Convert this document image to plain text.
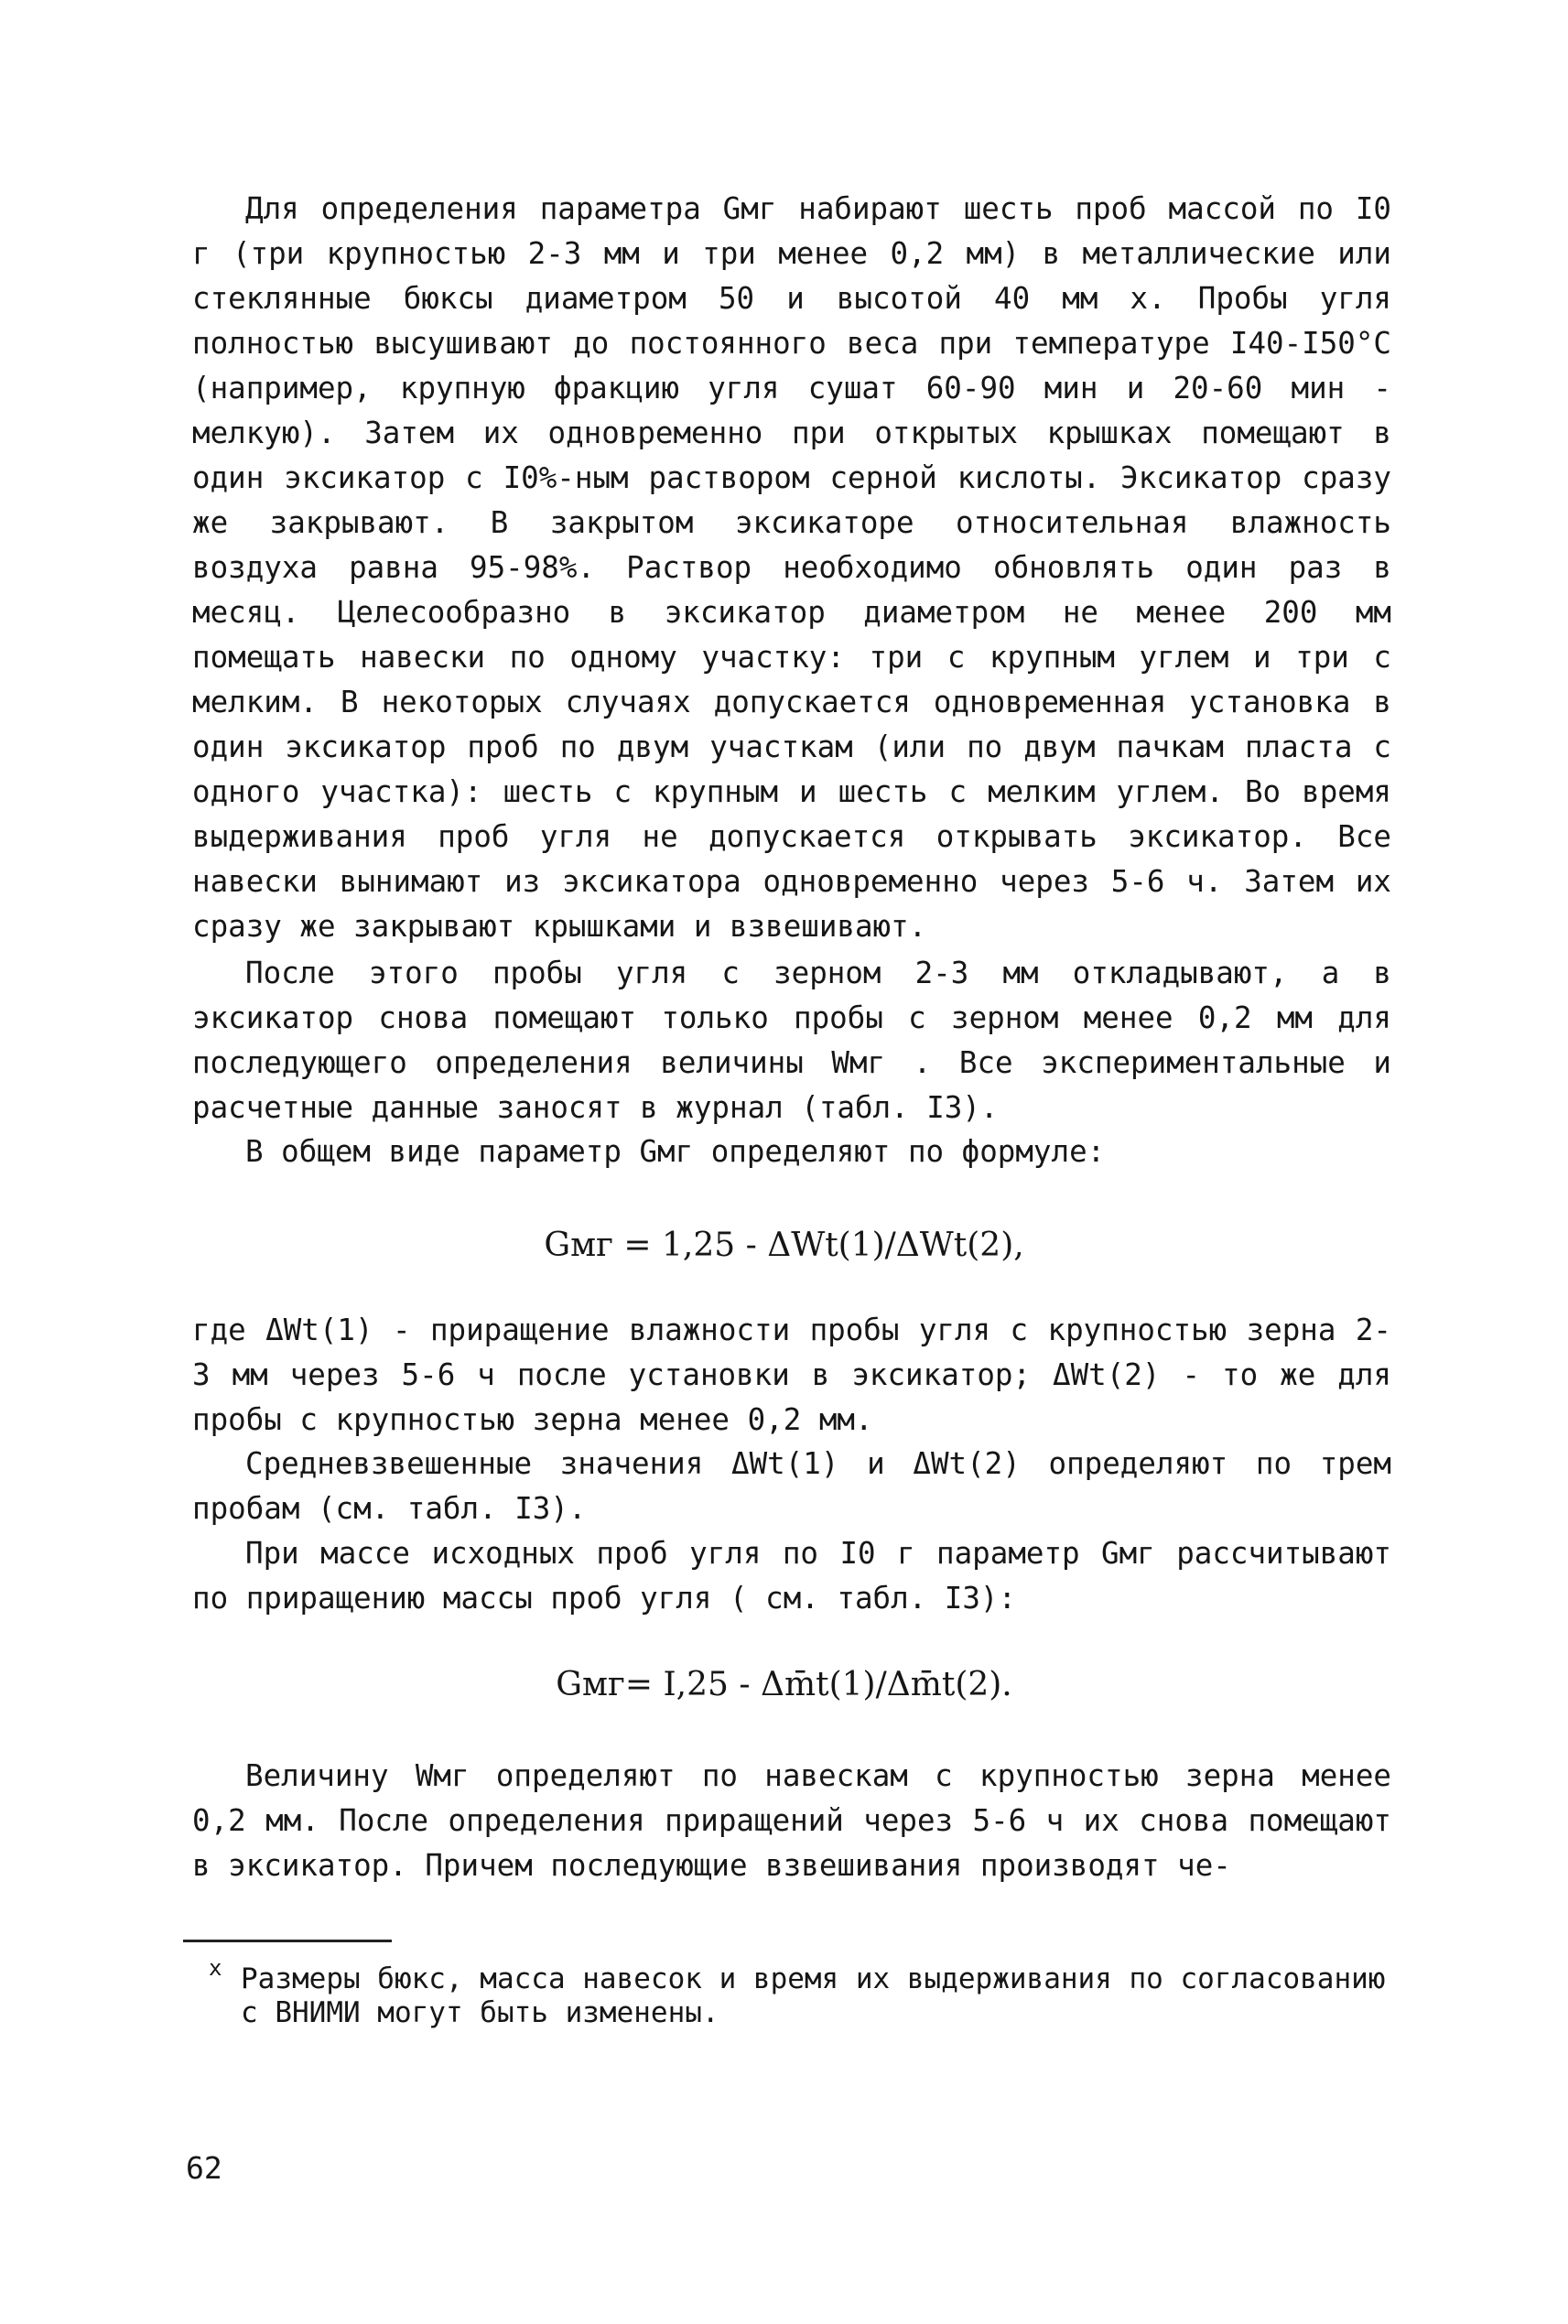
Для определения параметра Gмг набирают шесть проб массой по I0 г (три крупностью 2-3 мм и три менее 0,2 мм) в металлические или стеклянные бюксы диаметром 50 и высотой 40 мм х. Пробы угля полностью высушивают до постоянного веса при температуре I40-I50°С (например, крупную фракцию угля сушат 60-90 мин и 20-60 мин - мелкую). Затем их одновременно при открытых крышках помещают в один эксикатор с I0%-ным раствором серной кислоты. Эксикатор сразу же закрывают. В закрытом эксикаторе относительная влажность воздуха равна 95-98%. Раствор необходимо обновлять один раз в месяц. Целесообразно в эксикатор диаметром не менее 200 мм помещать навески по одному участку: три с крупным углем и три с мелким. В некоторых случаях допускается одновременная установка в один эксикатор проб по двум участкам (или по двум пачкам пласта с одного участка): шесть с крупным и шесть с мелким углем. Во время выдерживания проб угля не допускается открывать эксикатор. Все навески вынимают из эксикатора одновременно через 5-6 ч. Затем их сразу же закрывают крышками и взвешивают.

После этого пробы угля с зерном 2-3 мм откладывают, а в эксикатор снова помещают только пробы с зерном менее 0,2 мм для последующего определения величины Wмг . Все экспериментальные и расчетные данные заносят в журнал (табл. I3).

В общем виде параметр Gмг определяют по формуле:

Gмг = 1,25 - ΔWt(1)/ΔWt(2),

где ΔWt(1) - приращение влажности пробы угля с крупностью зерна 2-3 мм через 5-6 ч после установки в эксикатор; ΔWt(2) - то же для пробы с крупностью зерна менее 0,2 мм.

Средневзвешенные значения ΔWt(1) и ΔWt(2) определяют по трем пробам (см. табл. I3).

При массе исходных проб угля по I0 г параметр Gмг рассчитывают по приращению массы проб угля ( см. табл. I3):

Gмг= I,25 - Δm̄t(1)/Δm̄t(2).

Величину Wмг определяют по навескам с крупностью зерна менее 0,2 мм. После определения приращений через 5-6 ч их снова помещают в эксикатор. Причем последующие взвешивания производят че-

х Размеры бюкс, масса навесок и время их выдерживания по согласованию с ВНИМИ могут быть изменены.

62
